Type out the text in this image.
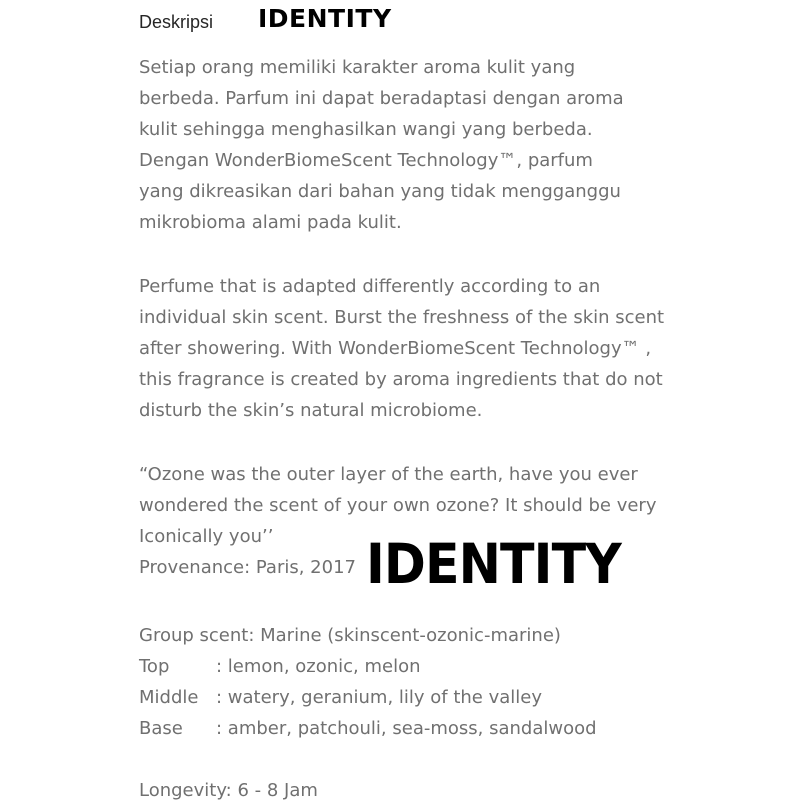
Deskripsi IDENTITY

Setiap orang memiliki karakter aroma kulit yang
berbeda. Parfum ini dapat beradaptasi dengan aroma
kulit sehingga menghasilkan wangi yang berbeda.
Dengan WonderBiomeScent Technology™, parfum
yang dikreasikan dari bahan yang tidak mengganggu
mikrobioma alami pada kulit.

Perfume that is adapted differently according to an
individual skin scent. Burst the freshness of the skin scent
after showering. With WonderBiomeScent Technology™ ,
this fragrance is created by aroma ingredients that do not
disturb the skin’s natural microbiome.

“Ozone was the outer layer of the earth, have you ever
wondered the scent of your own ozone? It should be very
Iconically you’’

Provenance: Paris, 2017 IDENTITY
Group scent: Marine (skinscent-ozonic-marine)
Top	: lemon, ozonic, melon
Middle : watery, geranium, lily of the valley
Base : amber, patchouli, sea-moss, sandalwood
Longevity: 6 - 8 Jam
